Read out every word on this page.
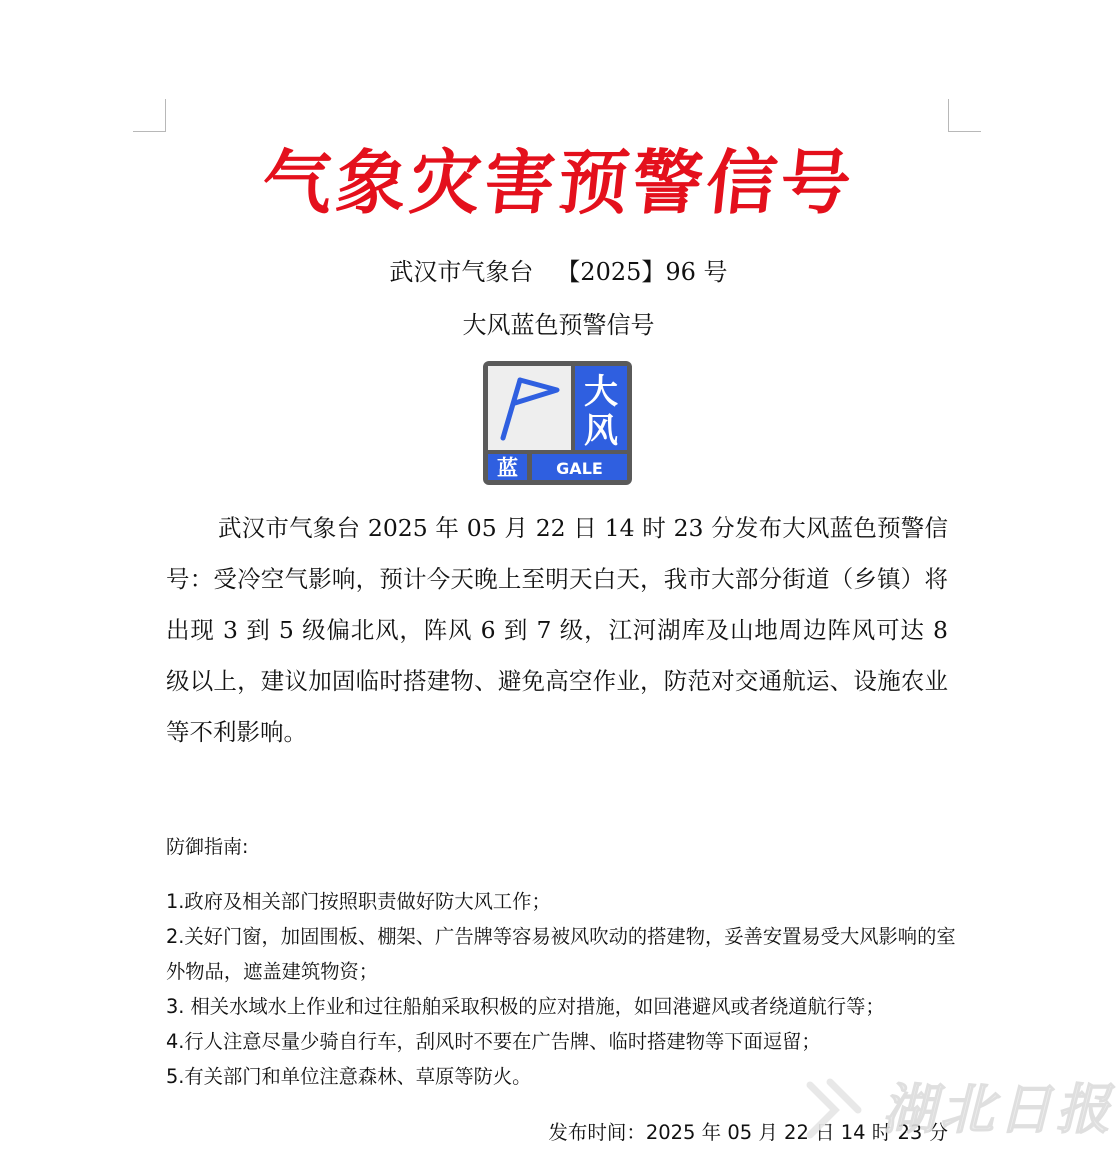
气象灾害预警信号
武汉市气象台   【2025】96 号
大风蓝色预警信号
大
风
蓝 GALE

武汉市气象台 2025 年 05 月 22 日 14 时 23 分发布大风蓝色预警信号：受冷空气影响，预计今天晚上至明天白天，我市大部分街道（乡镇）将出现 3 到 5 级偏北风，阵风 6 到 7 级，江河湖库及山地周边阵风可达 8 级以上，建议加固临时搭建物、避免高空作业，防范对交通航运、设施农业等不利影响。

防御指南:
1.政府及相关部门按照职责做好防大风工作；
2.关好门窗，加固围板、棚架、广告牌等容易被风吹动的搭建物，妥善安置易受大风影响的室外物品，遮盖建筑物资；
3. 相关水域水上作业和过往船舶采取积极的应对措施，如回港避风或者绕道航行等；
4.行人注意尽量少骑自行车，刮风时不要在广告牌、临时搭建物等下面逗留；
5.有关部门和单位注意森林、草原等防火。
发布时间：2025 年 05 月 22 日 14 时 23 分
湖北日报
